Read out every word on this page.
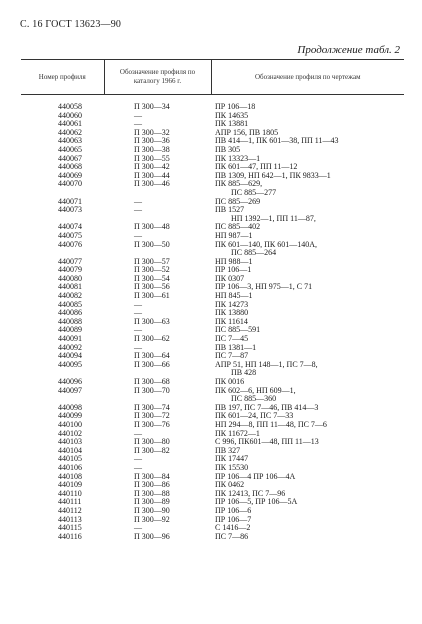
С. 16 ГОСТ 13623—90
Продолжение табл. 2
Номер профиля	Обозначение профиля по каталогу 1966 г.	Обозначение профиля по чертежам

440058	П 300—34	ПР 106—18
440060	—	ПК 14635
440061	—	ПК 13881
440062	П 300—32	АПР 156, ПВ 1805
440063	П 300—36	ПВ 414—1, ПК 601—38, ПП 11—43
440065	П 300—38	ПВ 305
440067	П 300—55	ПК 13323—1
440068	П 300—42	ПК 601—47, ПП 11—12
440069	П 300—44	ПВ 1309, НП 642—1, ПК 9833—1
440070	П 300—46	ПК 885—629,
		ПС 885—277
440071	—	ПС 885—269
440073	—	ПВ 1527
		НП 1392—1, ПП 11—87,
440074	П 300—48	ПС 885—402
440075	—	НП 987—1
440076	П 300—50	ПК 601—140, ПК 601—140А,
		ПС 885—264
440077	П 300—57	НП 988—1
440079	П 300—52	ПР 106—1
440080	П 300—54	ПК 0307
440081	П 300—56	ПР 106—3, НП 975—1, С 71
440082	П 300—61	НП 845—1
440085	—	ПК 14273
440086	—	ПК 13880
440088	П 300—63	ПК 11614
440089	—	ПС 885—591
440091	П 300—62	ПС 7—45
440092	—	ПВ 1381—1
440094	П 300—64	ПС 7—87
440095	П 300—66	АПР 51, НП 148—1, ПС 7—8,
		ПВ 428
440096	П 300—68	ПК 0016
440097	П 300—70	ПК 602—6, НП 609—1,
		ПС 885—360
440098	П 300—74	ПВ 197, ПС 7—46, ПВ 414—3
440099	П 300—72	ПК 601—24, ПС 7—33
440100	П 300—76	НП 294—8, ПП 11—48, ПС 7—6
440102	—	ПК 11672—1
440103	П 300—80	С 996, ПК601—48, ПП 11—13
440104	П 300—82	ПВ 327
440105	—	ПК 17447
440106	—	ПК 15530
440108	П 300—84	ПР 106—4 ПР 106—4А
440109	П 300—86	ПК 0462
440110	П 300—88	ПК 12413, ПС 7—96
440111	П 300—89	ПР 106—5, ПР 106—5А
440112	П 300—90	ПР 106—6
440113	П 300—92	ПР 106—7
440115	—	С 1416—2
440116	П 300—96	ПС 7—86
